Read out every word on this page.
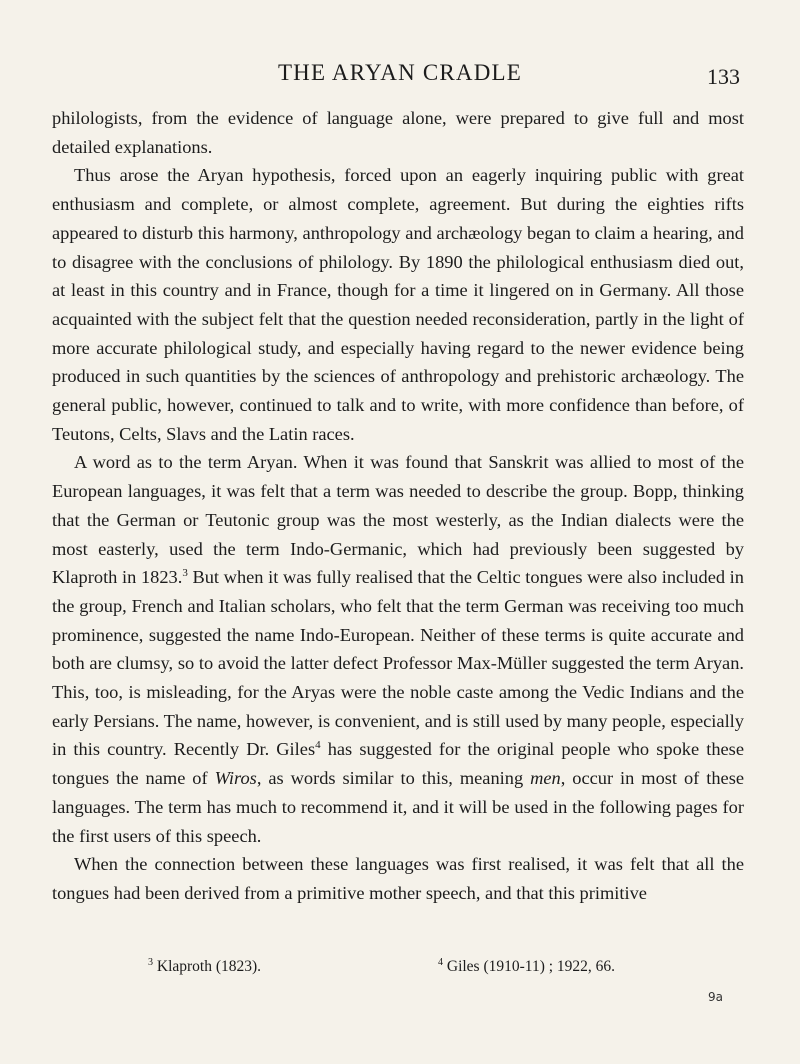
THE ARYAN CRADLE	133

philologists, from the evidence of language alone, were prepared to give full and most detailed explanations.

Thus arose the Aryan hypothesis, forced upon an eagerly inquiring public with great enthusiasm and complete, or almost complete, agreement. But during the eighties rifts appeared to disturb this harmony, anthropology and archæology began to claim a hearing, and to disagree with the conclusions of philology. By 1890 the philological enthusiasm died out, at least in this country and in France, though for a time it lingered on in Germany. All those acquainted with the subject felt that the question needed reconsideration, partly in the light of more accurate philological study, and especially having regard to the newer evidence being produced in such quantities by the sciences of anthropology and prehistoric archæology. The general public, however, continued to talk and to write, with more confidence than before, of Teutons, Celts, Slavs and the Latin races.

A word as to the term Aryan. When it was found that Sanskrit was allied to most of the European languages, it was felt that a term was needed to describe the group. Bopp, thinking that the German or Teutonic group was the most westerly, as the Indian dialects were the most easterly, used the term Indo-Germanic, which had previously been suggested by Klaproth in 1823.$^3$ But when it was fully realised that the Celtic tongues were also included in the group, French and Italian scholars, who felt that the term German was receiving too much prominence, suggested the name Indo-European. Neither of these terms is quite accurate and both are clumsy, so to avoid the latter defect Professor Max-Müller suggested the term Aryan. This, too, is misleading, for the Aryas were the noble caste among the Vedic Indians and the early Persians. The name, however, is convenient, and is still used by many people, especially in this country. Recently Dr. Giles$^4$ has suggested for the original people who spoke these tongues the name of Wiros, as words similar to this, meaning men, occur in most of these languages. The term has much to recommend it, and it will be used in the following pages for the first users of this speech.

When the connection between these languages was first realised, it was felt that all the tongues had been derived from a primitive mother speech, and that this primitive

$^3$ Klaproth (1823).	$^4$ Giles (1910-11) ; 1922, 66.
9a
